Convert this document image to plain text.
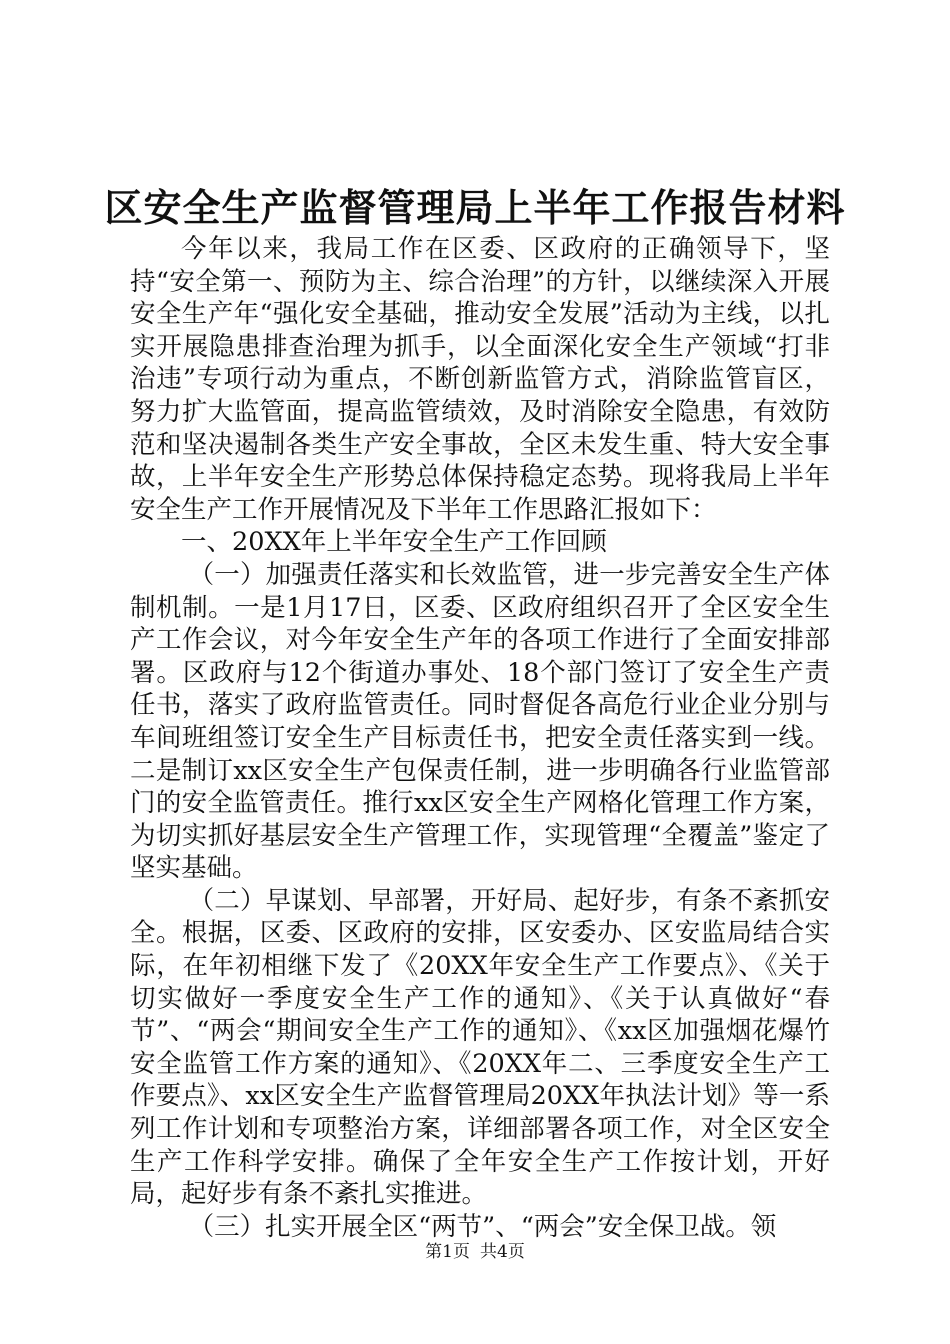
区安全生产监督管理局上半年工作报告材料

今年以来，我局工作在区委、区政府的正确领导下，坚持“安全第一、预防为主、综合治理”的方针，以继续深入开展安全生产年“强化安全基础，推动安全发展”活动为主线，以扎实开展隐患排查治理为抓手，以全面深化安全生产领域“打非治违”专项行动为重点，不断创新监管方式，消除监管盲区，努力扩大监管面，提高监管绩效，及时消除安全隐患，有效防范和坚决遏制各类生产安全事故，全区未发生重、特大安全事故，上半年安全生产形势总体保持稳定态势。现将我局上半年安全生产工作开展情况及下半年工作思路汇报如下：

一、20XX年上半年安全生产工作回顾

（一）加强责任落实和长效监管，进一步完善安全生产体制机制。一是1月17日，区委、区政府组织召开了全区安全生产工作会议，对今年安全生产年的各项工作进行了全面安排部署。区政府与12个街道办事处、18个部门签订了安全生产责任书，落实了政府监管责任。同时督促各高危行业企业分别与车间班组签订安全生产目标责任书，把安全责任落实到一线。二是制订xx区安全生产包保责任制，进一步明确各行业监管部门的安全监管责任。推行xx区安全生产网格化管理工作方案，为切实抓好基层安全生产管理工作，实现管理“全覆盖”鉴定了坚实基础。

（二）早谋划、早部署，开好局、起好步，有条不紊抓安全。根据，区委、区政府的安排，区安委办、区安监局结合实际，在年初相继下发了《20XX年安全生产工作要点》、《关于切实做好一季度安全生产工作的通知》、《关于认真做好“春节”、“两会“期间安全生产工作的通知》、《xx区加强烟花爆竹安全监管工作方案的通知》、《20XX年二、三季度安全生产工作要点》、xx区安全生产监督管理局20XX年执法计划》等一系列工作计划和专项整治方案，详细部署各项工作，对全区安全生产工作科学安排。确保了全年安全生产工作按计划，开好局，起好步有条不紊扎实推进。

（三）扎实开展全区“两节”、“两会”安全保卫战。领

第1页 共4页
